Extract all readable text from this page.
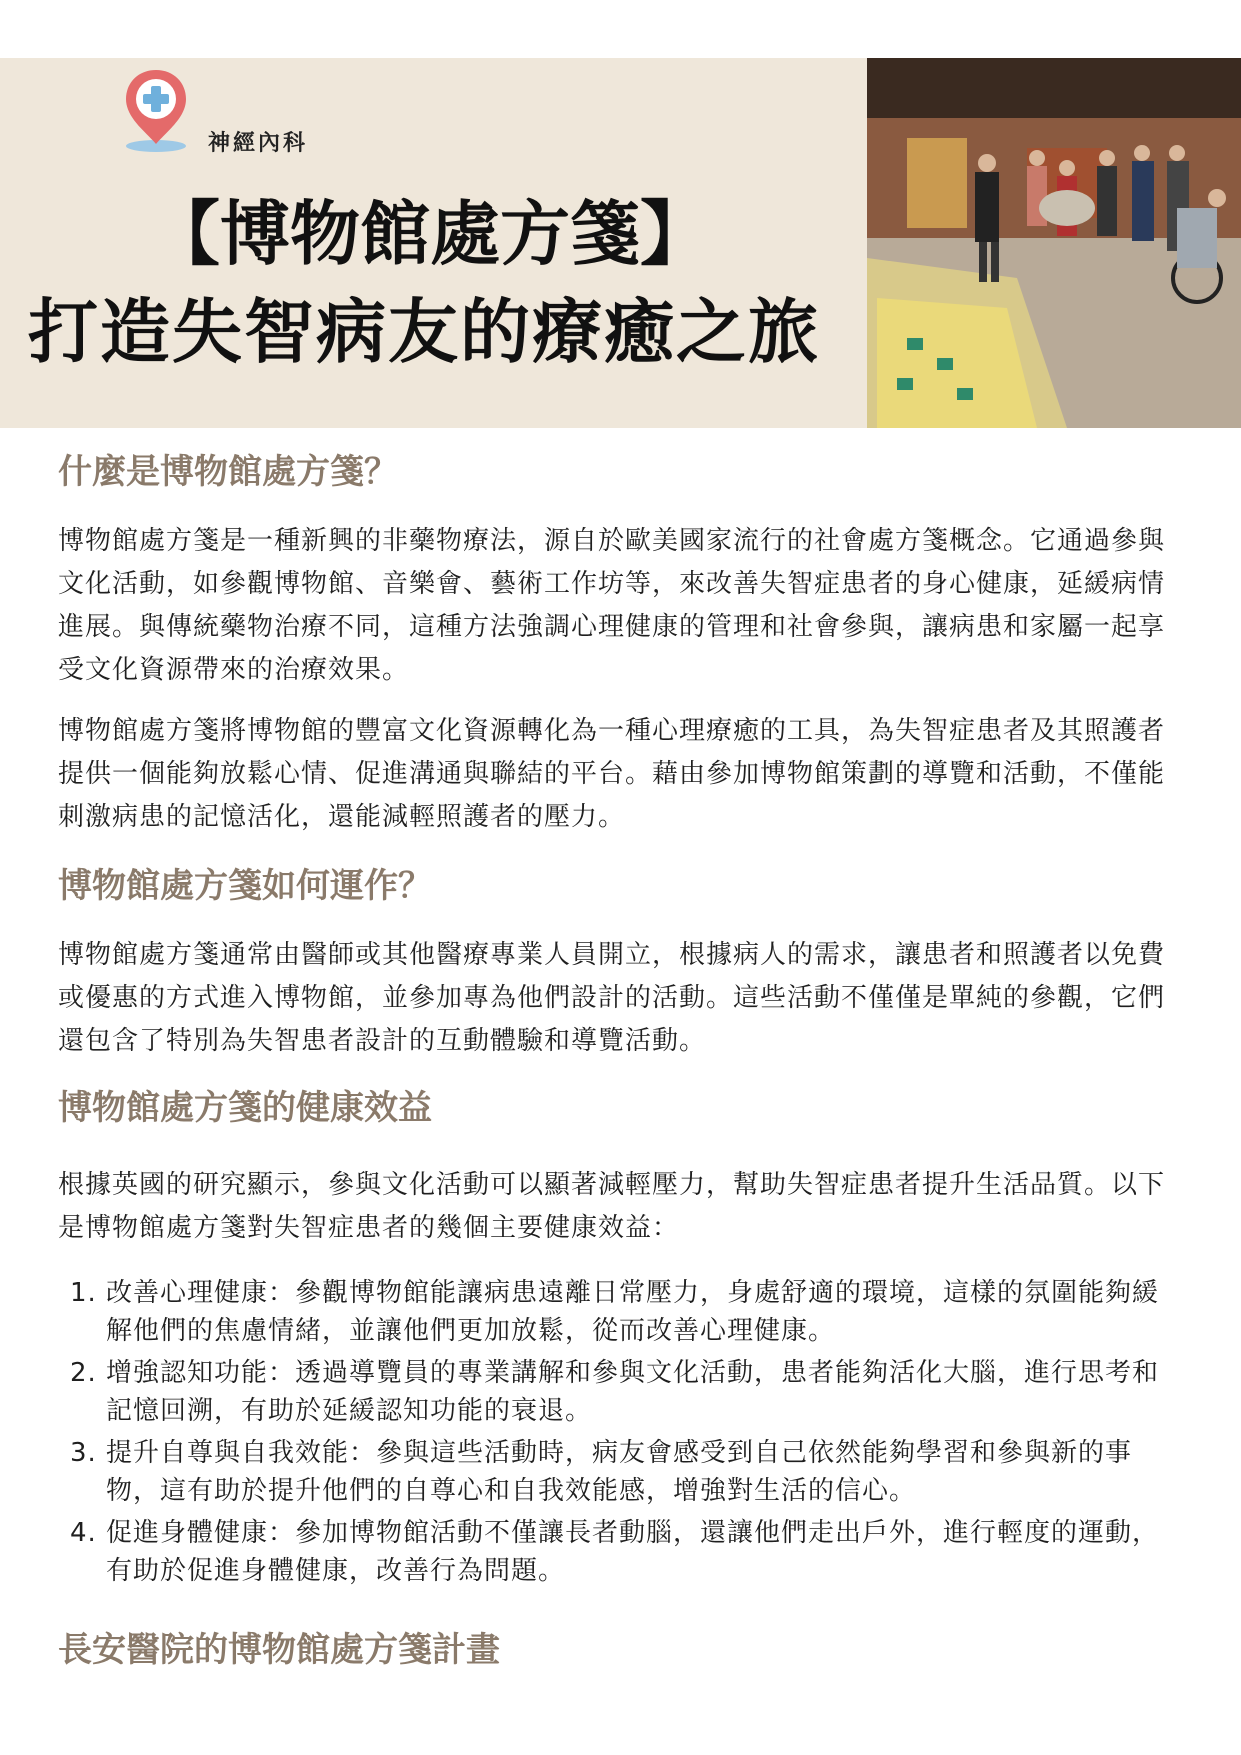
神經內科
【博物館處方箋】
打造失智病友的療癒之旅
什麼是博物館處方箋？

博物館處方箋是一種新興的非藥物療法，源自於歐美國家流行的社會處方箋概念。它通過參與文化活動，如參觀博物館、音樂會、藝術工作坊等，來改善失智症患者的身心健康，延緩病情進展。與傳統藥物治療不同，這種方法強調心理健康的管理和社會參與，讓病患和家屬一起享受文化資源帶來的治療效果。

博物館處方箋將博物館的豐富文化資源轉化為一種心理療癒的工具，為失智症患者及其照護者提供一個能夠放鬆心情、促進溝通與聯結的平台。藉由參加博物館策劃的導覽和活動，不僅能刺激病患的記憶活化，還能減輕照護者的壓力。

博物館處方箋如何運作？

博物館處方箋通常由醫師或其他醫療專業人員開立，根據病人的需求，讓患者和照護者以免費或優惠的方式進入博物館，並參加專為他們設計的活動。這些活動不僅僅是單純的參觀，它們還包含了特別為失智患者設計的互動體驗和導覽活動。

博物館處方箋的健康效益

根據英國的研究顯示，參與文化活動可以顯著減輕壓力，幫助失智症患者提升生活品質。以下是博物館處方箋對失智症患者的幾個主要健康效益：

1. 改善心理健康：參觀博物館能讓病患遠離日常壓力，身處舒適的環境，這樣的氛圍能夠緩解他們的焦慮情緒，並讓他們更加放鬆，從而改善心理健康。
2. 增強認知功能：透過導覽員的專業講解和參與文化活動，患者能夠活化大腦，進行思考和記憶回溯，有助於延緩認知功能的衰退。
3. 提升自尊與自我效能：參與這些活動時，病友會感受到自己依然能夠學習和參與新的事物，這有助於提升他們的自尊心和自我效能感，增強對生活的信心。
4. 促進身體健康：參加博物館活動不僅讓長者動腦，還讓他們走出戶外，進行輕度的運動，有助於促進身體健康，改善行為問題。
長安醫院的博物館處方箋計畫
